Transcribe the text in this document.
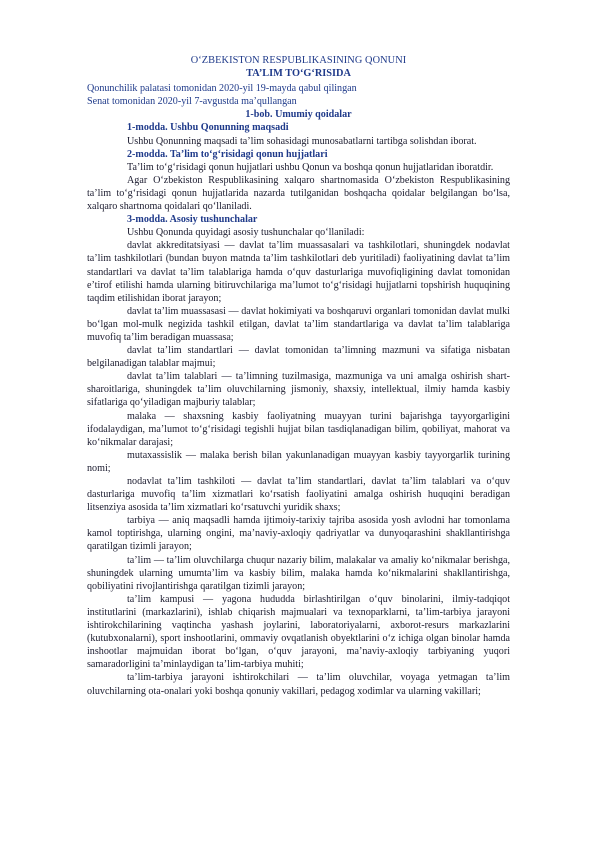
O‘ZBEKISTON RESPUBLIKASINING QONUNI
TA’LIM TO‘G‘RISIDA
Qonunchilik palatasi tomonidan 2020-yil 19-mayda qabul qilingan
Senat tomonidan 2020-yil 7-avgustda ma’qullangan
1-bob. Umumiy qoidalar
1-modda. Ushbu Qonunning maqsadi
Ushbu Qonunning maqsadi ta’lim sohasidagi munosabatlarni tartibga solishdan iborat.
2-modda. Ta’lim to‘g‘risidagi qonun hujjatlari
Ta’lim to‘g‘risidagi qonun hujjatlari ushbu Qonun va boshqa qonun hujjatlaridan iboratdir.
Agar O‘zbekiston Respublikasining xalqaro shartnomasida O‘zbekiston Respublikasining ta’lim to‘g‘risidagi qonun hujjatlarida nazarda tutilganidan boshqacha qoidalar belgilangan bo‘lsa, xalqaro shartnoma qoidalari qo‘llaniladi.
3-modda. Asosiy tushunchalar
Ushbu Qonunda quyidagi asosiy tushunchalar qo‘llaniladi:
davlat akkreditatsiyasi — davlat ta’lim muassasalari va tashkilotlari, shuningdek nodavlat ta’lim tashkilotlari (bundan buyon matnda ta’lim tashkilotlari deb yuritiladi) faoliyatining davlat ta’lim standartlari va davlat ta’lim talablariga hamda o‘quv dasturlariga muvofiqligining davlat tomonidan e’tirof etilishi hamda ularning bitiruvchilariga ma’lumot to‘g‘risidagi hujjatlarni topshirish huquqining taqdim etilishidan iborat jarayon;
davlat ta’lim muassasasi — davlat hokimiyati va boshqaruvi organlari tomonidan davlat mulki bo‘lgan mol-mulk negizida tashkil etilgan, davlat ta’lim standartlariga va davlat ta’lim talablariga muvofiq ta’lim beradigan muassasa;
davlat ta’lim standartlari — davlat tomonidan ta’limning mazmuni va sifatiga nisbatan belgilanadigan talablar majmui;
davlat ta’lim talablari — ta’limning tuzilmasiga, mazmuniga va uni amalga oshirish shart-sharoitlariga, shuningdek ta’lim oluvchilarning jismoniy, shaxsiy, intellektual, ilmiy hamda kasbiy sifatlariga qo‘yiladigan majburiy talablar;
malaka — shaxsning kasbiy faoliyatning muayyan turini bajarishga tayyorgarligini ifodalaydigan, ma’lumot to‘g‘risidagi tegishli hujjat bilan tasdiqlanadigan bilim, qobiliyat, mahorat va ko‘nikmalar darajasi;
mutaxassislik — malaka berish bilan yakunlanadigan muayyan kasbiy tayyorgarlik turining nomi;
nodavlat ta’lim tashkiloti — davlat ta’lim standartlari, davlat ta’lim talablari va o‘quv dasturlariga muvofiq ta’lim xizmatlari ko‘rsatish faoliyatini amalga oshirish huquqini beradigan litsenziya asosida ta’lim xizmatlari ko‘rsatuvchi yuridik shaxs;
tarbiya — aniq maqsadli hamda ijtimoiy-tarixiy tajriba asosida yosh avlodni har tomonlama kamol toptirishga, ularning ongini, ma’naviy-axloqiy qadriyatlar va dunyoqarashini shakllantirishga qaratilgan tizimli jarayon;
ta’lim — ta’lim oluvchilarga chuqur nazariy bilim, malakalar va amaliy ko‘nikmalar berishga, shuningdek ularning umumta’lim va kasbiy bilim, malaka hamda ko‘nikmalarini shakllantirishga, qobiliyatini rivojlantirishga qaratilgan tizimli jarayon;
ta’lim kampusi — yagona hududda birlashtirilgan o‘quv binolarini, ilmiy-tadqiqot institutlarini (markazlarini), ishlab chiqarish majmualari va texnoparklarni, ta’lim-tarbiya jarayoni ishtirokchilarining vaqtincha yashash joylarini, laboratoriyalarni, axborot-resurs markazlarini (kutubxonalarni), sport inshootlarini, ommaviy ovqatlanish obyektlarini o‘z ichiga olgan binolar hamda inshootlar majmuidan iborat bo‘lgan, o‘quv jarayoni, ma’naviy-axloqiy tarbiyaning yuqori samaradorligini ta’minlaydigan ta’lim-tarbiya muhiti;
ta’lim-tarbiya jarayoni ishtirokchilari — ta’lim oluvchilar, voyaga yetmagan ta’lim oluvchilarning ota-onalari yoki boshqa qonuniy vakillari, pedagog xodimlar va ularning vakillari;
